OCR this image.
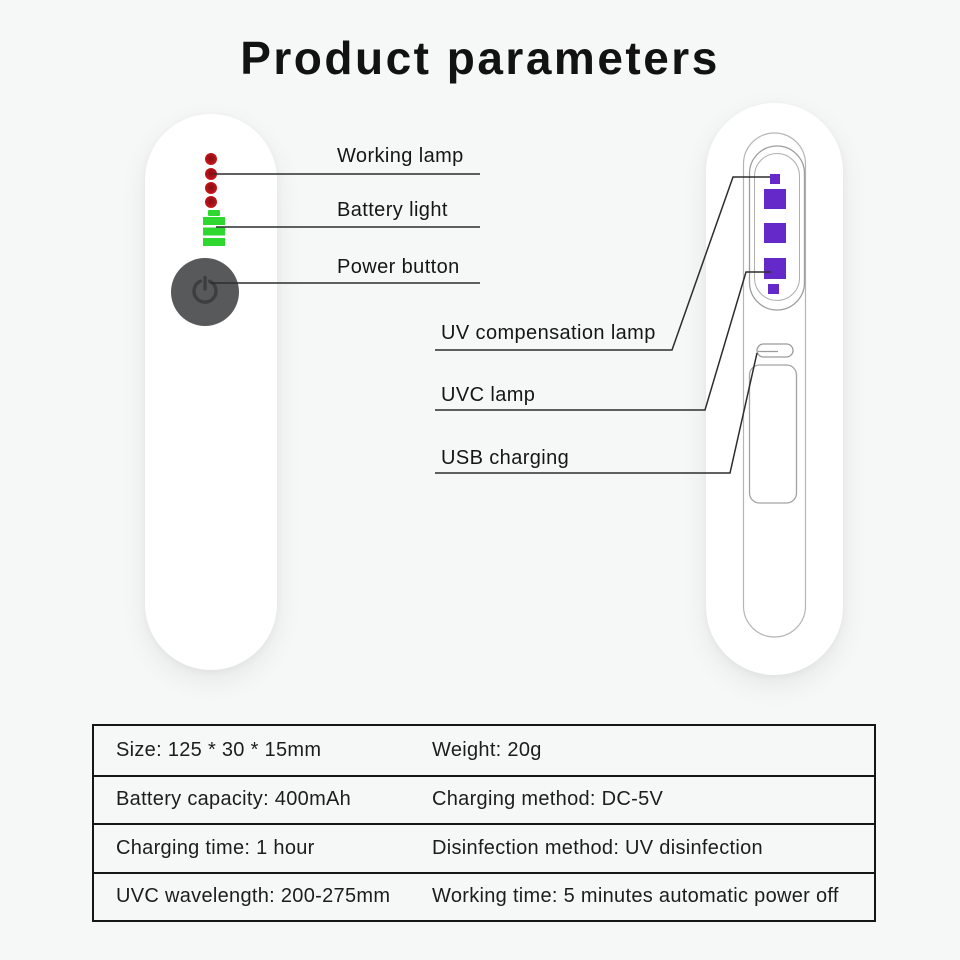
Product parameters
Working lamp
Battery light
Power button
UV compensation lamp
UVC lamp
USB charging
Size: 125 * 30 * 15mm	Weight: 20g
Battery capacity: 400mAh	Charging method: DC-5V
Charging time: 1 hour	Disinfection method: UV disinfection
UVC wavelength: 200-275mm	Working time: 5 minutes automatic power off
